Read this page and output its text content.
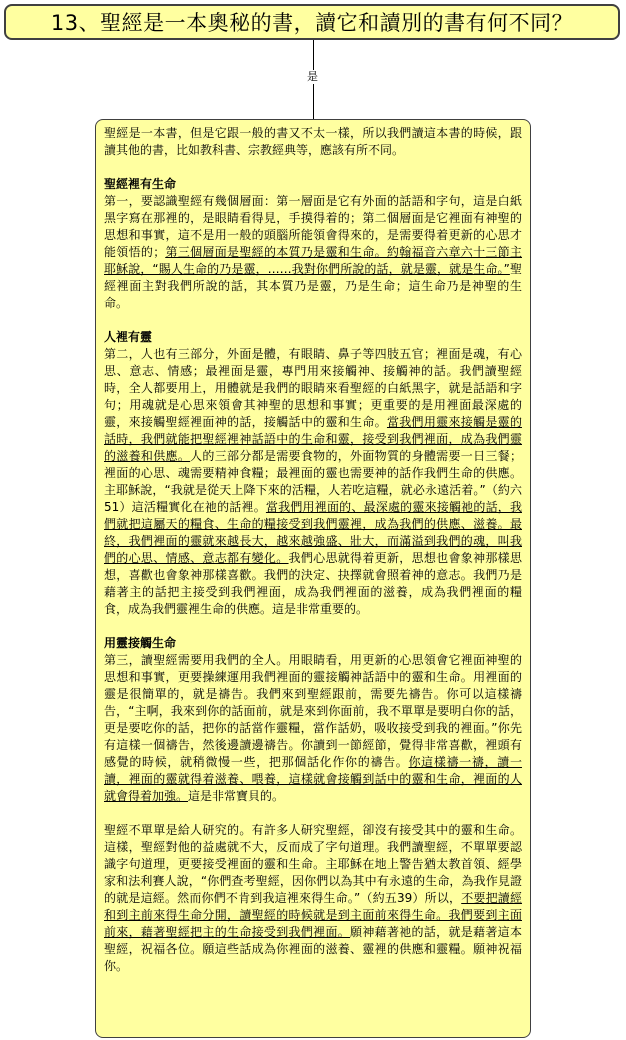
13、聖經是一本奧秘的書，讀它和讀別的書有何不同？
是

聖經是一本書，但是它跟一般的書又不太一樣，所以我們讀這本書的時候，跟讀其他的書，比如教科書、宗教經典等，應該有所不同。

聖經裡有生命

第一，要認識聖經有幾個層面：第一層面是它有外面的話語和字句，這是白紙黑字寫在那裡的，是眼睛看得見，手摸得着的；第二個層面是它裡面有神聖的思想和事實，這不是用一般的頭腦所能領會得來的，是需要得着更新的心思才能領悟的；第三個層面是聖經的本質乃是靈和生命。約翰福音六章六十三節主耶穌說，“賜人生命的乃是靈，……我對你們所說的話，就是靈，就是生命。”聖經裡面主對我們所說的話，其本質乃是靈，乃是生命；這生命乃是神聖的生命。

人裡有靈

第二，人也有三部分，外面是體，有眼睛、鼻子等四肢五官；裡面是魂，有心思、意志、情感；最裡面是靈，專門用來接觸神、接觸神的話。我們讀聖經時，全人都要用上，用體就是我們的眼睛來看聖經的白紙黑字，就是話語和字句；用魂就是心思來領會其神聖的思想和事實；更重要的是用裡面最深處的靈，來接觸聖經裡面神的話，接觸話中的靈和生命。當我們用靈來接觸是靈的話時，我們就能把聖經裡神話語中的生命和靈，接受到我們裡面，成為我們靈的滋養和供應。人的三部分都是需要食物的，外面物質的身體需要一日三餐；裡面的心思、魂需要精神食糧；最裡面的靈也需要神的話作我們生命的供應。主耶穌說，“我就是從天上降下來的活糧，人若吃這糧，就必永遠活着。”（約六51）這活糧實化在祂的話裡。當我們用裡面的、最深處的靈來接觸祂的話，我們就把這屬天的糧食、生命的糧接受到我們靈裡，成為我們的供應、滋養。最終，我們裡面的靈就來越長大，越來越強盛、壯大，而滿溢到我們的魂，叫我們的心思、情感、意志都有變化。我們心思就得着更新，思想也會象神那樣思想，喜歡也會象神那樣喜歡。我們的決定、抉擇就會照着神的意志。我們乃是藉著主的話把主接受到我們裡面，成為我們裡面的滋養，成為我們裡面的糧食，成為我們靈裡生命的供應。這是非常重要的。

用靈接觸生命

第三，讀聖經需要用我們的全人。用眼睛看，用更新的心思領會它裡面神聖的思想和事實，更要操練運用我們裡面的靈接觸神話語中的靈和生命。用裡面的靈是很簡單的，就是禱告。我們來到聖經跟前，需要先禱告。你可以這樣禱告，“主啊，我來到你的話面前，就是來到你面前，我不單單是要明白你的話，更是要吃你的話，把你的話當作靈糧，當作話奶，吸收接受到我的裡面。”你先有這樣一個禱告，然後邊讀邊禱告。你讀到一節經節，覺得非常喜歡，裡頭有感覺的時候，就稍微慢一些，把那個話化作你的禱告。你這樣禱一禱，讀一讀，裡面的靈就得着滋養、喂養，這樣就會接觸到話中的靈和生命，裡面的人就會得着加強。這是非常寶貝的。

聖經不單單是給人研究的。有許多人研究聖經，卻沒有接受其中的靈和生命。這樣，聖經對他的益處就不大，反而成了字句道理。我們讀聖經，不單單要認識字句道理，更要接受裡面的靈和生命。主耶穌在地上警告猶太教首領、經學家和法利賽人說，“你們查考聖經，因你們以為其中有永遠的生命，為我作見證的就是這經。然而你們不肯到我這裡來得生命。”（約五39）所以，不要把讀經和到主前來得生命分開，讀聖經的時候就是到主面前來得生命。我們要到主面前來，藉著聖經把主的生命接受到我們裡面。願神藉著祂的話，就是藉著這本聖經，祝福各位。願這些話成為你裡面的滋養、靈裡的供應和靈糧。願神祝福你。
